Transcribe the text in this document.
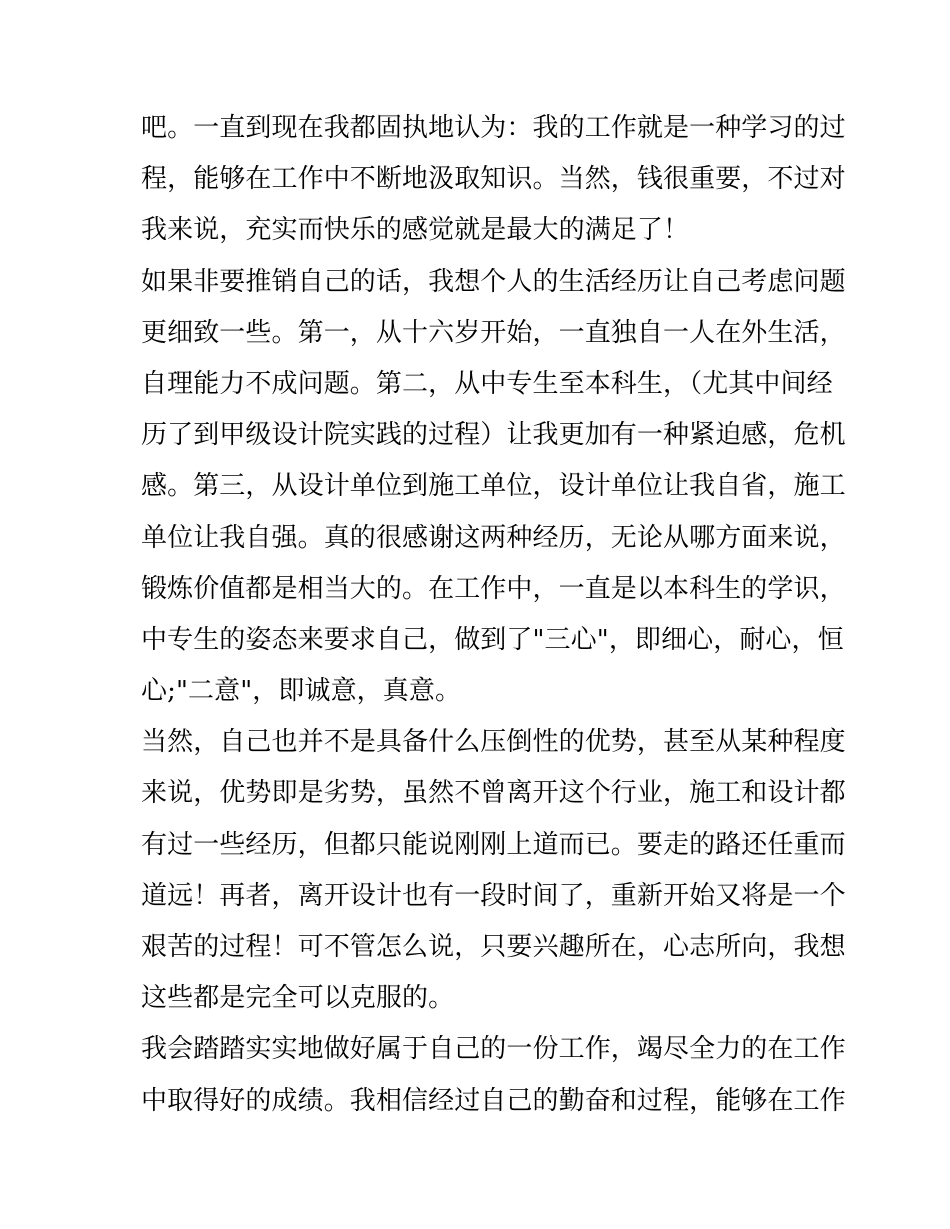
吧。一直到现在我都固执地认为：我的工作就是一种学习的过
程，能够在工作中不断地汲取知识。当然，钱很重要，不过对
我来说，充实而快乐的感觉就是最大的满足了！
如果非要推销自己的话，我想个人的生活经历让自己考虑问题
更细致一些。第一，从十六岁开始，一直独自一人在外生活，
自理能力不成问题。第二，从中专生至本科生，（尤其中间经
历了到甲级设计院实践的过程）让我更加有一种紧迫感，危机
感。第三，从设计单位到施工单位，设计单位让我自省，施工
单位让我自强。真的很感谢这两种经历，无论从哪方面来说，
锻炼价值都是相当大的。在工作中，一直是以本科生的学识，
中专生的姿态来要求自己，做到了"三心"，即细心，耐心，恒
心;"二意"，即诚意，真意。
当然，自己也并不是具备什么压倒性的优势，甚至从某种程度
来说，优势即是劣势，虽然不曾离开这个行业，施工和设计都
有过一些经历，但都只能说刚刚上道而已。要走的路还任重而
道远！再者，离开设计也有一段时间了，重新开始又将是一个
艰苦的过程！可不管怎么说，只要兴趣所在，心志所向，我想
这些都是完全可以克服的。
我会踏踏实实地做好属于自己的一份工作，竭尽全力的在工作
中取得好的成绩。我相信经过自己的勤奋和过程，能够在工作
